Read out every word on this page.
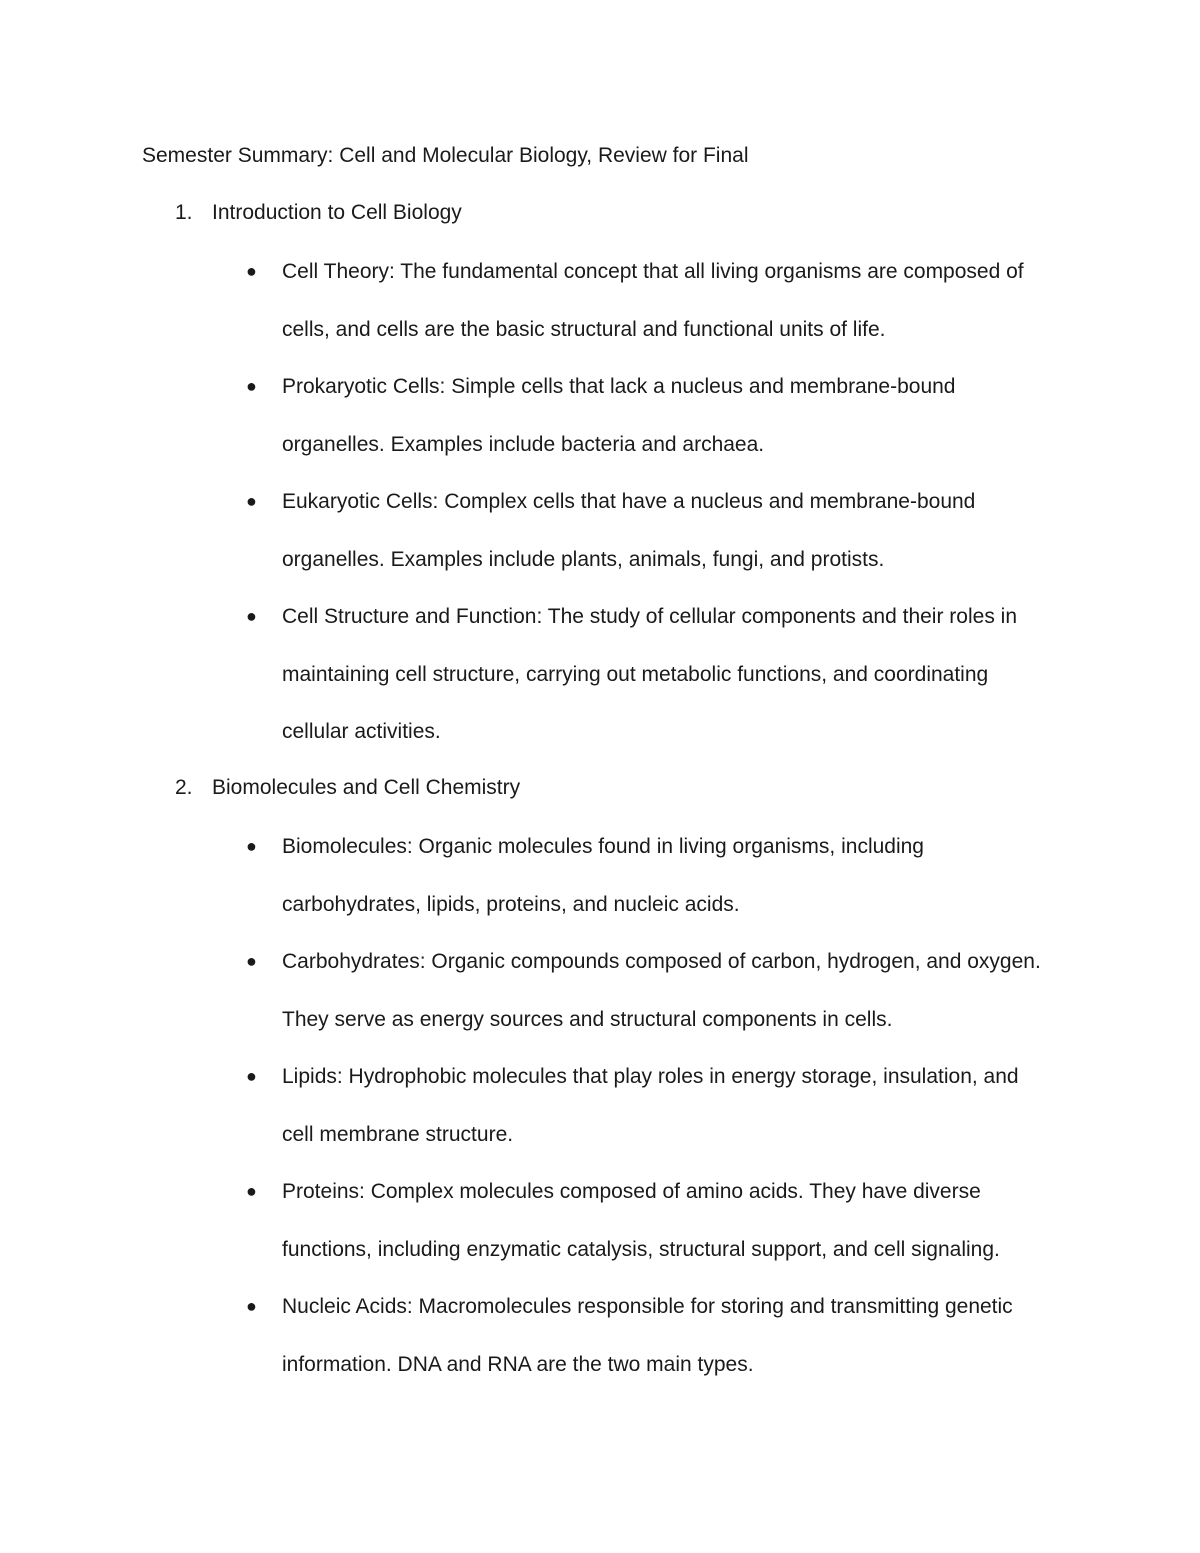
Semester Summary: Cell and Molecular Biology, Review for Final
1. Introduction to Cell Biology
● Cell Theory: The fundamental concept that all living organisms are composed of
cells, and cells are the basic structural and functional units of life.
● Prokaryotic Cells: Simple cells that lack a nucleus and membrane-bound
organelles. Examples include bacteria and archaea.
● Eukaryotic Cells: Complex cells that have a nucleus and membrane-bound
organelles. Examples include plants, animals, fungi, and protists.
● Cell Structure and Function: The study of cellular components and their roles in
maintaining cell structure, carrying out metabolic functions, and coordinating
cellular activities.
2. Biomolecules and Cell Chemistry
● Biomolecules: Organic molecules found in living organisms, including
carbohydrates, lipids, proteins, and nucleic acids.
● Carbohydrates: Organic compounds composed of carbon, hydrogen, and oxygen.
They serve as energy sources and structural components in cells.
● Lipids: Hydrophobic molecules that play roles in energy storage, insulation, and
cell membrane structure.
● Proteins: Complex molecules composed of amino acids. They have diverse
functions, including enzymatic catalysis, structural support, and cell signaling.
● Nucleic Acids: Macromolecules responsible for storing and transmitting genetic
information. DNA and RNA are the two main types.
